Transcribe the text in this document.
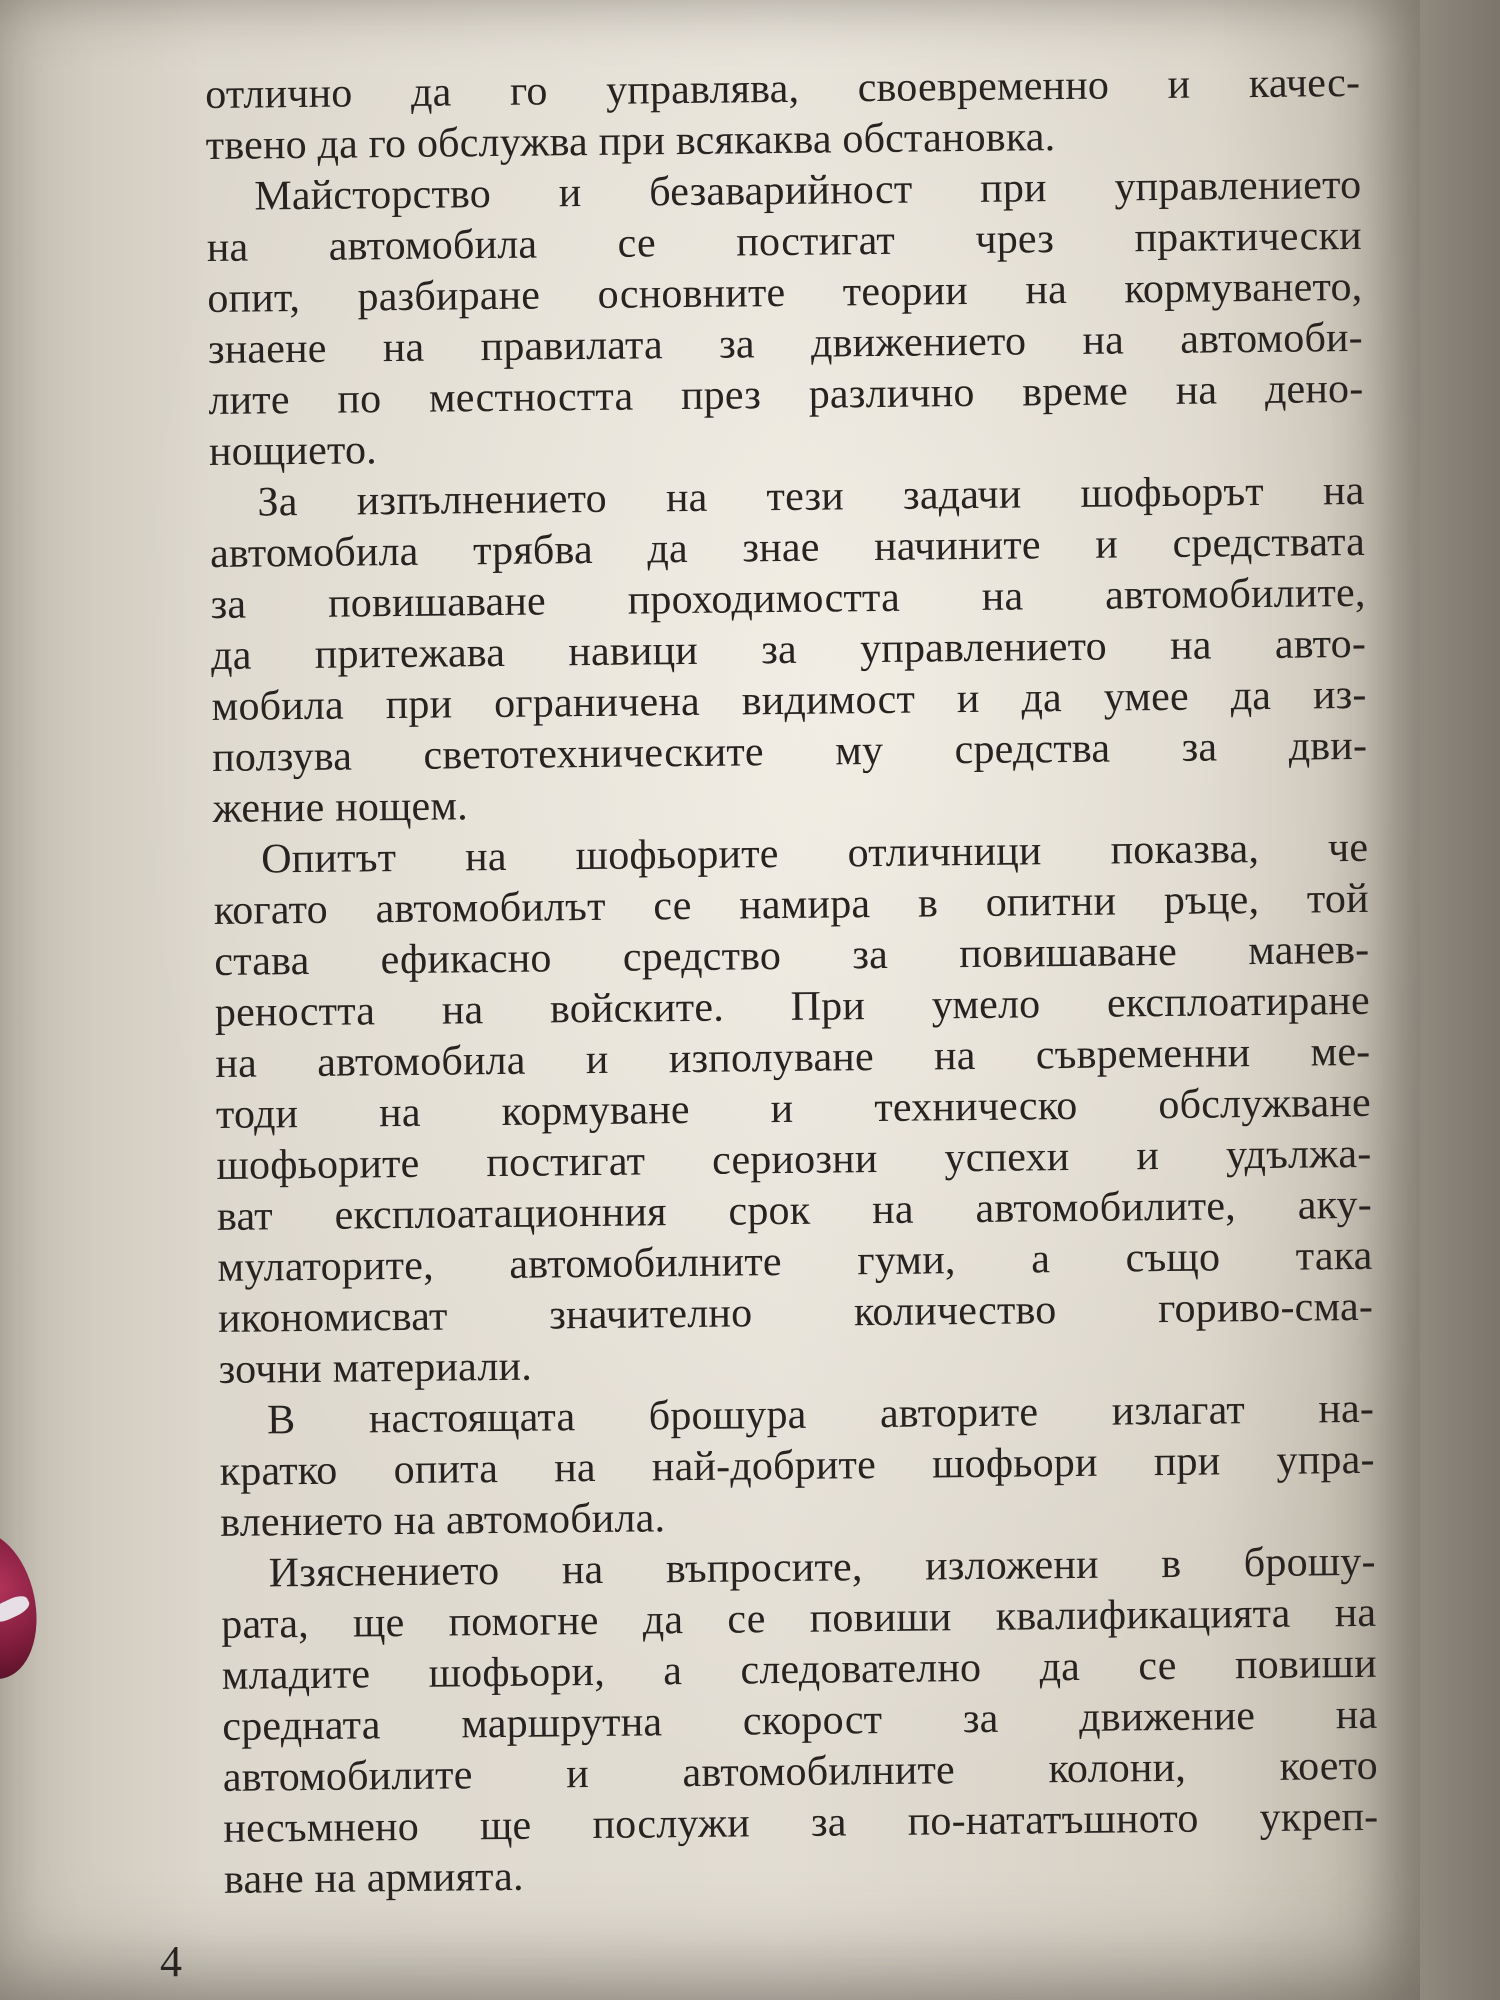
отлично да го управлява, своевременно и качес-
твено да го обслужва при всякаква обстановка.
Майсторство и безаварийност при управлението
на автомобила се постигат чрез практически
опит, разбиране основните теории на кормуването,
знаене на правилата за движението на автомоби-
лите по местността през различно време на дено-
нощието.
За изпълнението на тези задачи шофьорът на
автомобила трябва да знае начините и средствата
за повишаване проходимостта на автомобилите,
да притежава навици за управлението на авто-
мобила при ограничена видимост и да умее да из-
ползува светотехническите му средства за дви-
жение нощем.
Опитът на шофьорите отличници показва, че
когато автомобилът се намира в опитни ръце, той
става ефикасно средство за повишаване манев-
реността на войските. При умело експлоатиране
на автомобила и изполуване на съвременни ме-
тоди на кормуване и техническо обслужване
шофьорите постигат сериозни успехи и удължа-
ват експлоатационния срок на автомобилите, аку-
мулаторите, автомобилните гуми, а също така
икономисват значително количество гориво-сма-
зочни материали.
В настоящата брошура авторите излагат на-
кратко опита на най-добрите шофьори при упра-
влението на автомобила.
Изяснението на въпросите, изложени в брошу-
рата, ще помогне да се повиши квалификацията на
младите шофьори, а следователно да се повиши
средната маршрутна скорост за движение на
автомобилите и автомобилните колони, което
несъмнено ще послужи за по-нататъшното укреп-
ване на армията.
4
